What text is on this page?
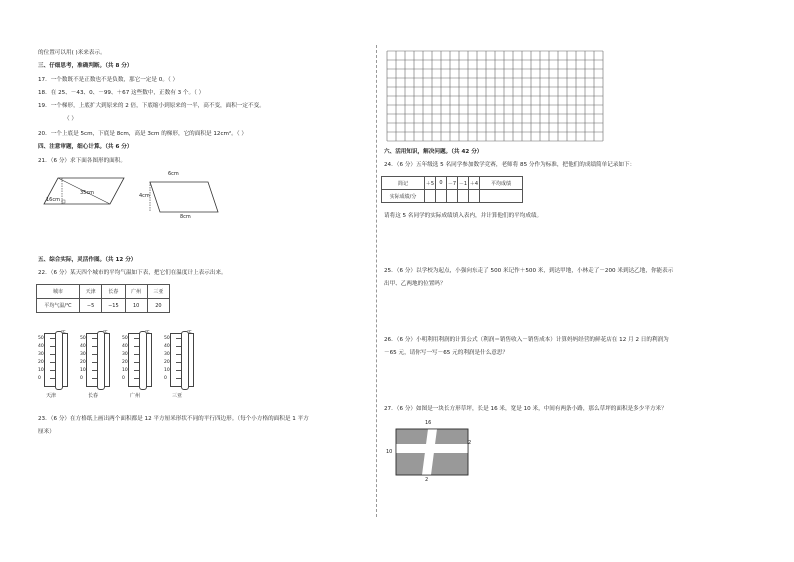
的位置可以用( )米来表示。
三、仔细思考，准确判断。（共 8 分）
17．一个数既不是正数也不是负数，那它一定是 0。（ ）
18．在 25、－43、0、－99、＋67 这些数中，正数有 3 个。（ ）
19．一个梯形，上底扩大到原来的 2 倍，下底缩小到原来的一半，高不变，面积一定不变。
（ ）
20．一个上底是 5cm，下底是 8cm，高是 3cm 的梯形，它的面积是 12cm²。（ ）
四、注意审题，细心计算。（共 6 分）
21．（6 分）求下面各图形的面积。
35cm
16cm
6cm
4cm
8cm
五、综合实际，灵活作图。（共 12 分）
22．（6 分）某天四个城市的平均气温如下表，把它们在温度计上表示出来。
城市	天津	长春	广州	三亚
平均气温/℃	−5	−15	10	20
℃
50
40
30
20
10
0
天津
℃
50
40
30
20
10
0
长春
℃
50
40
30
20
10
0
广州
℃
50
40
30
20
10
0
三亚
23．（6 分）在方格纸上画出两个面积都是 12 平方厘米形状不同的平行四边形。（每个小方格的面积是 1 平方
厘米）
六、活用知识，解决问题。（共 42 分）
24．（6 分）五年级选 5 名同学参加数学竞赛，老师将 85 分作为标准，把他们的成绩简单记录如下：
简记	＋5	0	－7	－1	＋4	平均成绩
实际成绩/分						
请将这 5 名同学的实际成绩填入表内，并计算他们的平均成绩。
25．（6 分）以学校为起点，小强向东走了 500 米记作＋500 米，到达甲地，小林走了－200 米到达乙地，你能表示
出甲、乙两地的位置吗？
26．（6 分）小明利用利润的计算公式（利润＝销售收入－销售成本）计算妈妈经营的鲜花店在 12 月 2 日的利润为
－65 元，请你写一写－65 元的利润是什么意思？
27．（6 分）如图是一块长方形草坪，长是 16 米，宽是 10 米，中间有两条小路，那么草坪的面积是多少平方米？
16
10
2
2
